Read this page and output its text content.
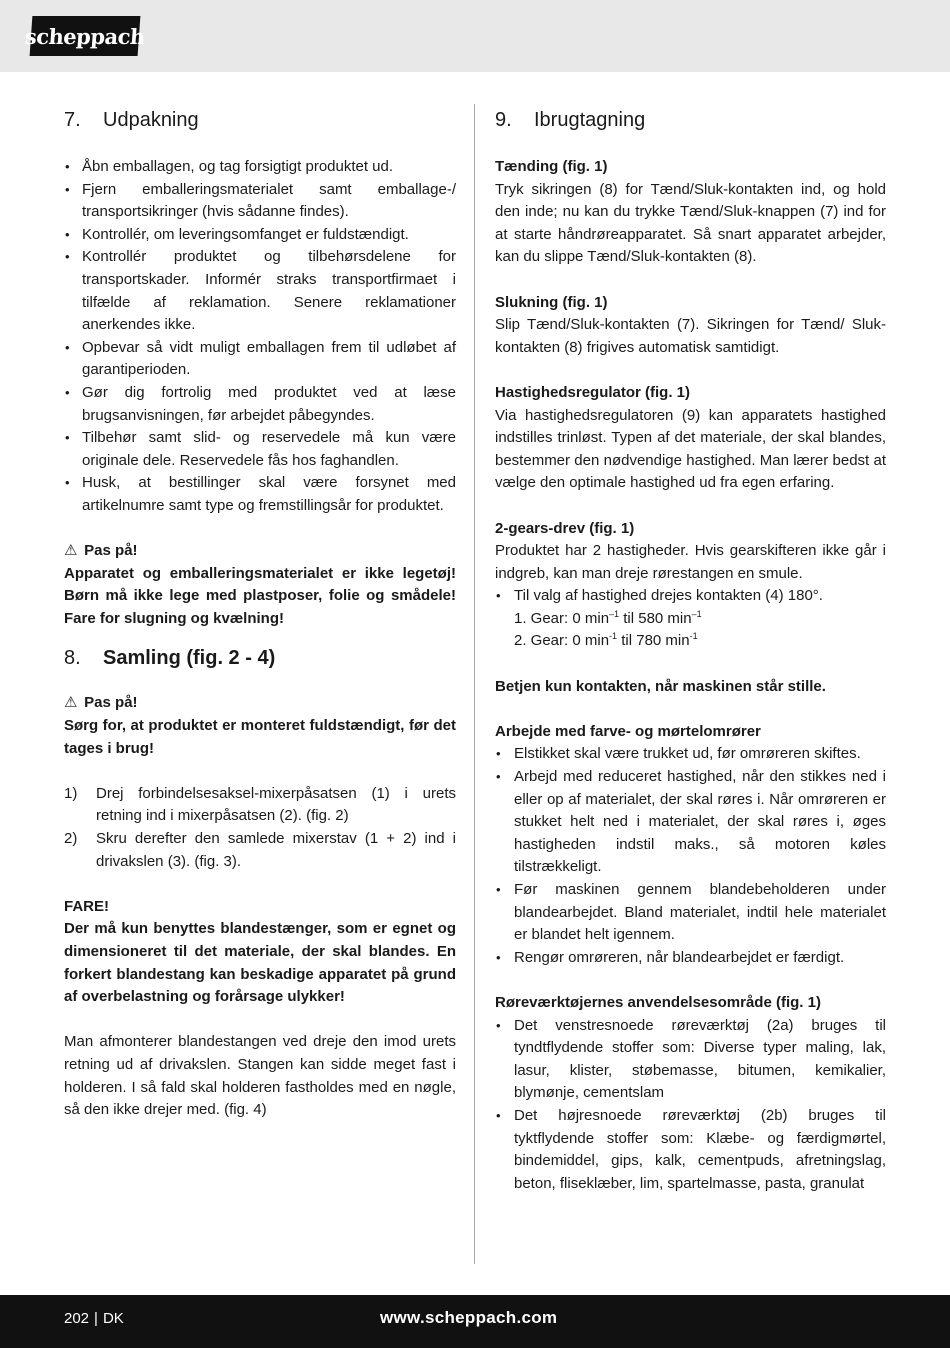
scheppach
7. Udpakning
• Åbn emballagen, og tag forsigtigt produktet ud.
• Fjern emballeringsmaterialet samt emballage-/ transportsikringer (hvis sådanne findes).
• Kontrollér, om leveringsomfanget er fuldstændigt.
• Kontrollér produktet og tilbehørsdelene for transportskader. Informér straks transportfirmaet i tilfælde af reklamation. Senere reklamationer anerkendes ikke.
• Opbevar så vidt muligt emballagen frem til udløbet af garantiperioden.
• Gør dig fortrolig med produktet ved at læse brugsanvisningen, før arbejdet påbegyndes.
• Tilbehør samt slid- og reservedele må kun være originale dele. Reservedele fås hos faghandlen.
• Husk, at bestillinger skal være forsynet med artikelnumre samt type og fremstillingsår for produktet.
⚠ Pas på!

Apparatet og emballeringsmaterialet er ikke legetøj! Børn må ikke lege med plastposer, folie og smådele! Fare for slugning og kvælning!

8. Samling (fig. 2 - 4)
⚠ Pas på!

Sørg for, at produktet er monteret fuldstændigt, før det tages i brug!

1) Drej forbindelsesaksel-mixerpåsatsen (1) i urets retning ind i mixerpåsatsen (2). (fig. 2)
2) Skru derefter den samlede mixerstav (1 + 2) ind i drivakslen (3). (fig. 3).
FARE!

Der må kun benyttes blandestænger, som er egnet og dimensioneret til det materiale, der skal blandes. En forkert blandestang kan beskadige apparatet på grund af overbelastning og forårsage ulykker!

Man afmonterer blandestangen ved dreje den imod urets retning ud af drivakslen. Stangen kan sidde meget fast i holderen. I så fald skal holderen fastholdes med en nøgle, så den ikke drejer med. (fig. 4)

9. Ibrugtagning
Tænding (fig. 1)

Tryk sikringen (8) for Tænd/Sluk-kontakten ind, og hold den inde; nu kan du trykke Tænd/Sluk-knappen (7) ind for at starte håndrøreapparatet. Så snart apparatet arbejder, kan du slippe Tænd/Sluk-kontakten (8).

Slukning (fig. 1)

Slip Tænd/Sluk-kontakten (7). Sikringen for Tænd/ Sluk-kontakten (8) frigives automatisk samtidigt.

Hastighedsregulator (fig. 1)

Via hastighedsregulatoren (9) kan apparatets hastighed indstilles trinløst. Typen af det materiale, der skal blandes, bestemmer den nødvendige hastighed. Man lærer bedst at vælge den optimale hastighed ud fra egen erfaring.

2-gears-drev (fig. 1)

Produktet har 2 hastigheder. Hvis gearskifteren ikke går i indgreb, kan man dreje rørestangen en smule.

• Til valg af hastighed drejes kontakten (4) 180°.
1. Gear: 0 $\min^{-1}$ til 580 $\min^{-1}$
2. Gear: 0 $\min^{-1}$ til 780 $\min^{-1}$

Betjen kun kontakten, når maskinen står stille.

Arbejde med farve- og mørtelomrører
• Elstikket skal være trukket ud, før omrøreren skiftes.
• Arbejd med reduceret hastighed, når den stikkes ned i eller op af materialet, der skal røres i. Når omrøreren er stukket helt ned i materialet, der skal røres i, øges hastigheden indstil maks., så motoren køles tilstrækkeligt.
• Før maskinen gennem blandebeholderen under blandearbejdet. Bland materialet, indtil hele materialet er blandet helt igennem.
• Rengør omrøreren, når blandearbejdet er færdigt.
Røreværktøjernes anvendelsesområde (fig. 1)
• Det venstresnoede røreværktøj (2a) bruges til tyndtflydende stoffer som: Diverse typer maling, lak, lasur, klister, støbemasse, bitumen, kemikalier, blymønje, cementslam
• Det højresnoede røreværktøj (2b) bruges til tyktflydende stoffer som: Klæbe- og færdigmørtel, bindemiddel, gips, kalk, cementpuds, afretningslag, beton, fliseklæber, lim, spartelmasse, pasta, granulat
202 | DK	www.scheppach.com
